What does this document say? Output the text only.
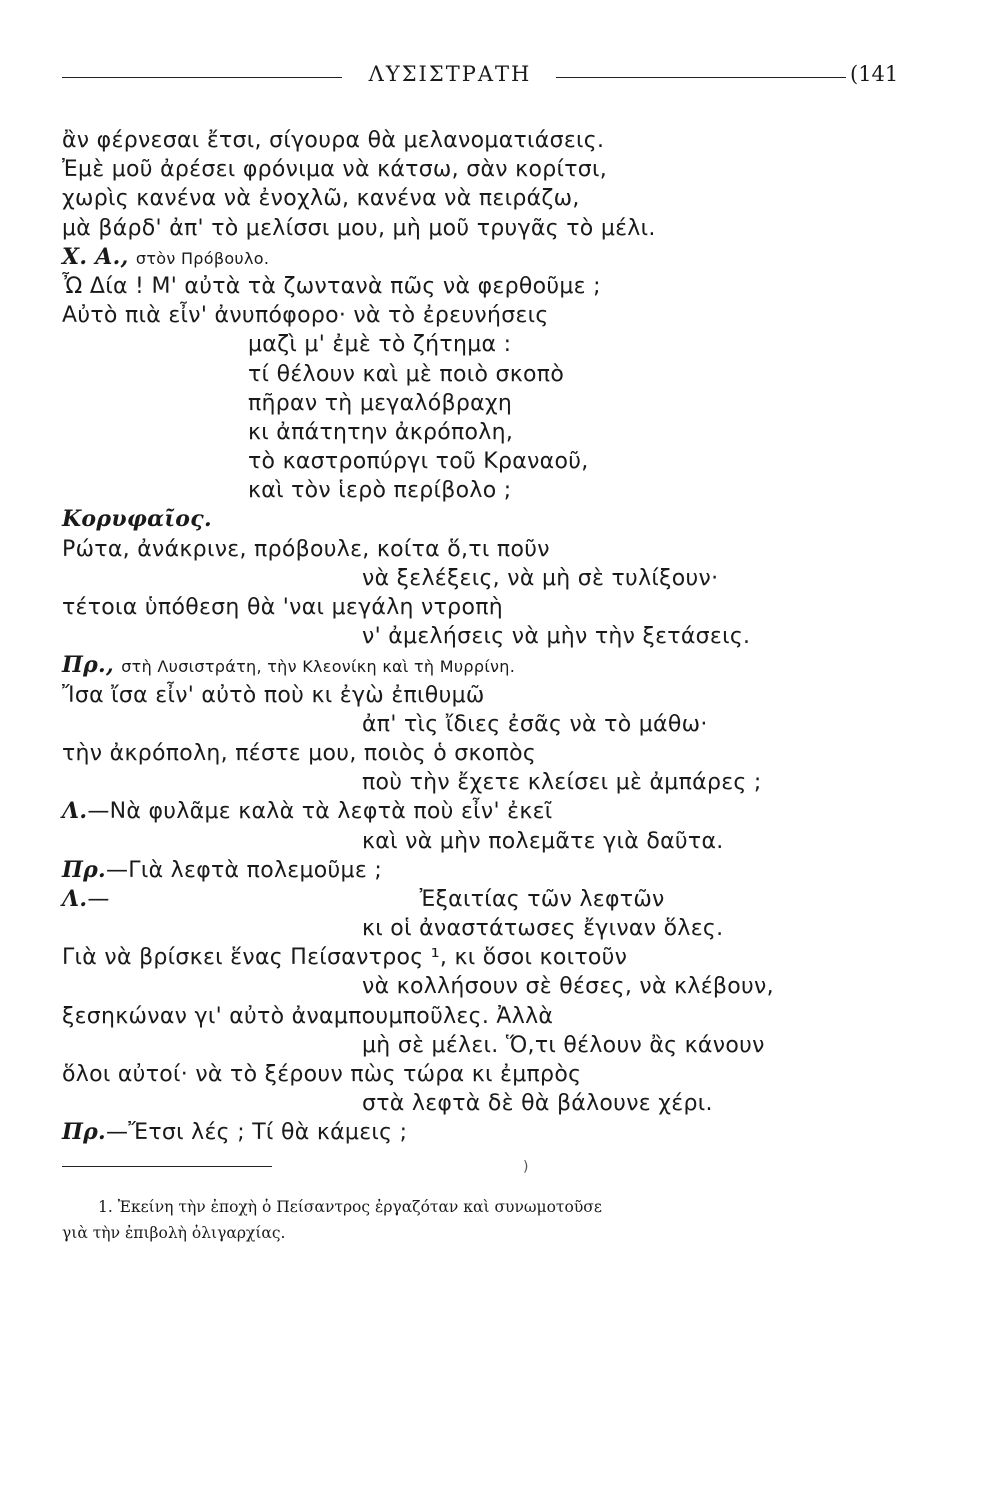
ΛΥΣΙΣΤΡΑΤΗ	(141
ἂν φέρνεσαι ἔτσι, σίγουρα θὰ μελανοματιάσεις.
Ἐμὲ μοῦ ἀρέσει φρόνιμα νὰ κάτσω, σὰν κορίτσι,
χωρὶς κανένα νὰ ἐνοχλῶ, κανένα νὰ πειράζω,
μὰ βάρδ' ἀπ' τὸ μελίσσι μου, μὴ μοῦ τρυγᾶς τὸ μέλι.
Χ. Α., στὸν Πρόβουλο.
Ὦ Δία ! Μ' αὐτὰ τὰ ζωντανὰ πῶς νὰ φερθοῦμε ;
Αὐτὸ πιὰ εἶν' ἀνυπόφορο· νὰ τὸ ἐρευνήσεις
μαζὶ μ' ἐμὲ τὸ ζήτημα :
τί θέλουν καὶ μὲ ποιὸ σκοπὸ
πῆραν τὴ μεγαλόβραχη
κι ἀπάτητην ἀκρόπολη,
τὸ καστροπύργι τοῦ Κραναοῦ,
καὶ τὸν ἱερὸ περίβολο ;
Κορυφαῖος.
Ρώτα, ἀνάκρινε, πρόβουλε, κοίτα ὅ,τι ποῦν
νὰ ξελέξεις, νὰ μὴ σὲ τυλίξουν·
τέτοια ὑπόθεση θὰ 'ναι μεγάλη ντροπὴ
ν' ἀμελήσεις νὰ μὴν τὴν ξετάσεις.
Πρ., στὴ Λυσιστράτη, τὴν Κλεονίκη καὶ τὴ Μυρρίνη.
Ἴσα ἴσα εἶν' αὐτὸ ποὺ κι ἐγὼ ἐπιθυμῶ
ἀπ' τὶς ἴδιες ἐσᾶς νὰ τὸ μάθω·
τὴν ἀκρόπολη, πέστε μου, ποιὸς ὁ σκοπὸς
ποὺ τὴν ἔχετε κλείσει μὲ ἀμπάρες ;
Λ.—Νὰ φυλᾶμε καλὰ τὰ λεφτὰ ποὺ εἶν' ἐκεῖ
καὶ νὰ μὴν πολεμᾶτε γιὰ δαῦτα.
Πρ.—Γιὰ λεφτὰ πολεμοῦμε ;
Λ.—	Ἐξαιτίας τῶν λεφτῶν
κι οἱ ἀναστάτωσες ἔγιναν ὅλες.
Γιὰ νὰ βρίσκει ἕνας Πείσαντρος ¹, κι ὅσοι κοιτοῦν
νὰ κολλήσουν σὲ θέσες, νὰ κλέβουν,
ξεσηκώναν γι' αὐτὸ ἀναμπουμποῦλες. Ἀλλὰ
μὴ σὲ μέλει. Ὅ,τι θέλουν ἂς κάνουν
ὅλοι αὐτοί· νὰ τὸ ξέρουν πὼς τώρα κι ἐμπρὸς
στὰ λεφτὰ δὲ θὰ βάλουνε χέρι.
Πρ.—Ἔτσι λές ; Τί θὰ κάμεις ;
)
1. Ἐκείνη τὴν ἐποχὴ ὁ Πείσαντρος ἐργαζόταν καὶ συνωμοτοῦσε
γιὰ τὴν ἐπιβολὴ ὀλιγαρχίας.
